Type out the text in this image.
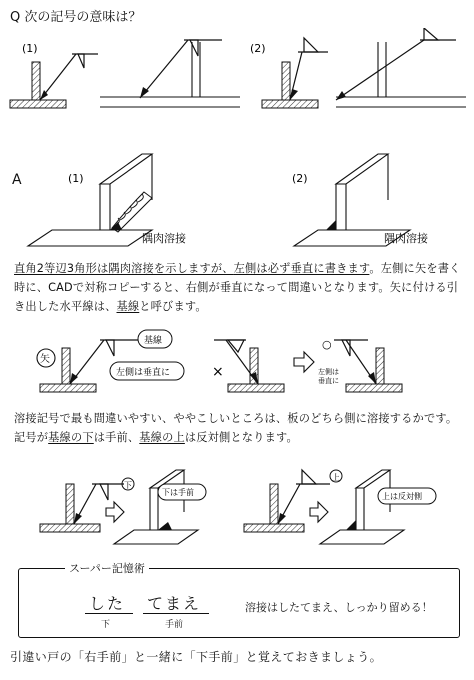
Q 次の記号の意味は？
(1)	(2)
A	(1)
隅肉溶接
(2)
隅肉溶接
直角2等辺3角形は隅肉溶接を示しますが、左側は必ず垂直に書きます。左側に矢を書く時に、CADで対称コピーすると、右側が垂直になって間違いとなります。矢に付ける引き出した水平線は、基線と呼びます。
矢
基線
左側は垂直に	×
○
左側は
垂直に
溶接記号で最も間違いやすい、ややこしいところは、板のどちら側に溶接するかです。記号が基線の下は手前、基線の上は反対側となります。
下
下は手前
上
上は反対側
スーパー記憶術
した
下
てまえ
手前
溶接はしたてまえ、しっかり留める！
引違い戸の「右手前」と一緒に「下手前」と覚えておきましょう。
